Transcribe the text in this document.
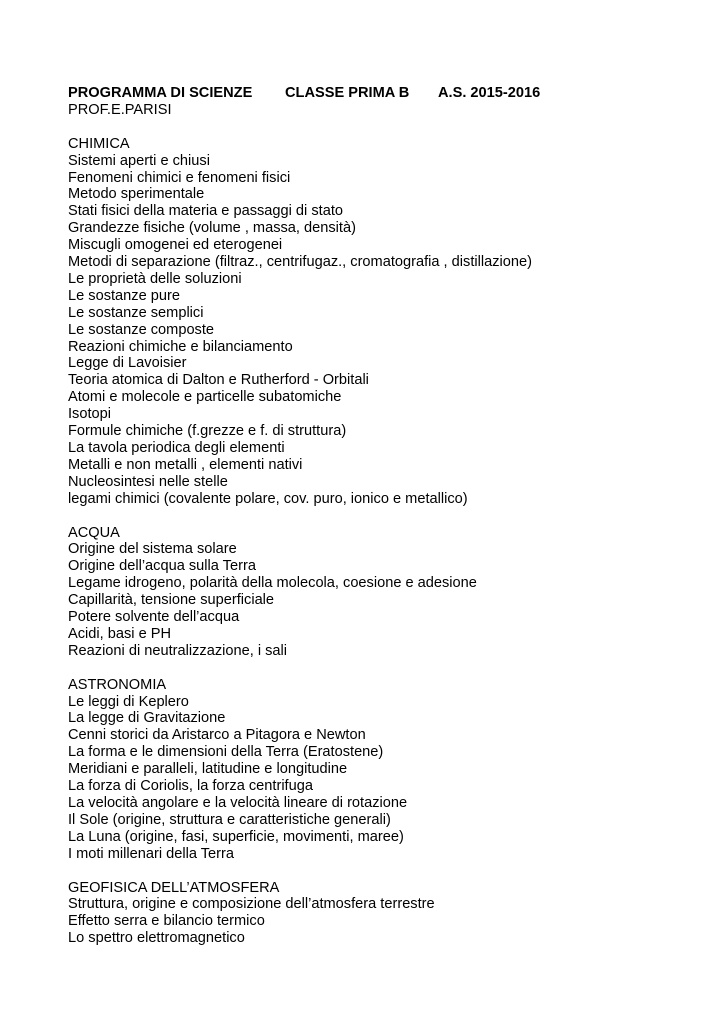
PROGRAMMA DI SCIENZE CLASSE PRIMA B A.S. 2015-2016
PROF.E.PARISI
CHIMICA
Sistemi aperti e chiusi
Fenomeni chimici e fenomeni fisici
Metodo sperimentale
Stati fisici della materia e passaggi di stato
Grandezze fisiche (volume , massa, densità)
Miscugli omogenei ed eterogenei
Metodi di separazione (filtraz., centrifugaz., cromatografia , distillazione)
Le proprietà delle soluzioni
Le sostanze pure
Le sostanze semplici
Le sostanze composte
Reazioni chimiche e bilanciamento
Legge di Lavoisier
Teoria atomica di Dalton e Rutherford - Orbitali
Atomi e molecole e particelle subatomiche
Isotopi
Formule chimiche (f.grezze e f. di struttura)
La tavola periodica degli elementi
Metalli e non metalli , elementi nativi
Nucleosintesi nelle stelle
legami chimici (covalente polare, cov. puro, ionico e metallico)
ACQUA
Origine del sistema solare
Origine dell’acqua sulla Terra
Legame idrogeno, polarità della molecola, coesione e adesione
Capillarità, tensione superficiale
Potere solvente dell’acqua
Acidi, basi e PH
Reazioni di neutralizzazione, i sali
ASTRONOMIA
Le leggi di Keplero
La legge di Gravitazione
Cenni storici da Aristarco a Pitagora e Newton
La forma e le dimensioni della Terra (Eratostene)
Meridiani e paralleli, latitudine e longitudine
La forza di Coriolis, la forza centrifuga
La velocità angolare e la velocità lineare di rotazione
Il Sole (origine, struttura e caratteristiche generali)
La Luna (origine, fasi, superficie, movimenti, maree)
I moti millenari della Terra
GEOFISICA DELL’ATMOSFERA
Struttura, origine e composizione dell’atmosfera terrestre
Effetto serra e bilancio termico
Lo spettro elettromagnetico
